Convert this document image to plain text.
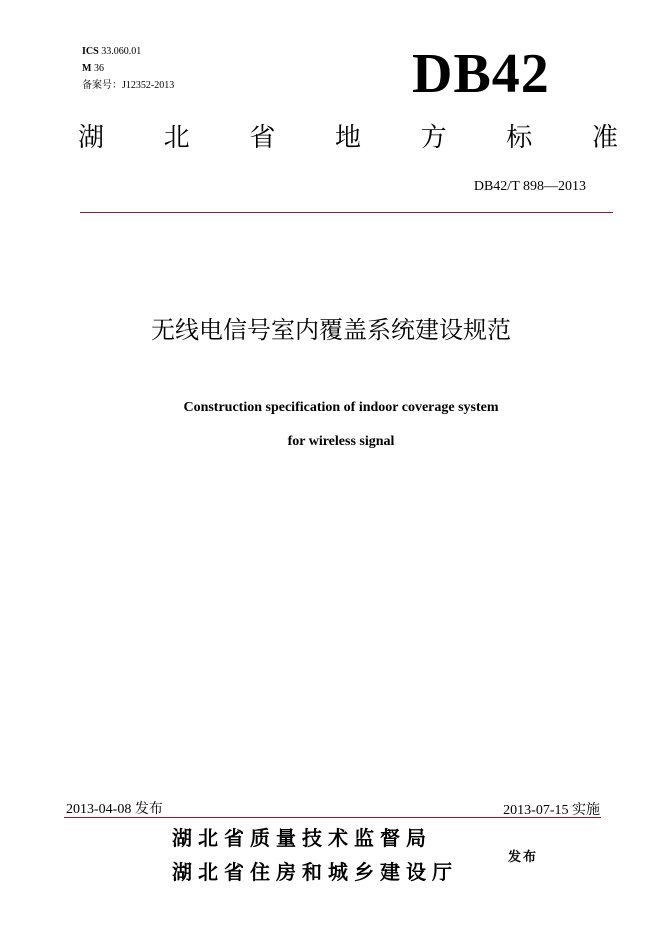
ICS 33.060.01
M 36
备案号：J12352-2013	DB42
湖 北 省 地 方 标 准
DB42/T 898—2013
无线电信号室内覆盖系统建设规范
Construction specification of indoor coverage system
for wireless signal
2013-04-08 发布	2013-07-15 实施
湖北省质量技术监督局
湖北省住房和城乡建设厅
发布
